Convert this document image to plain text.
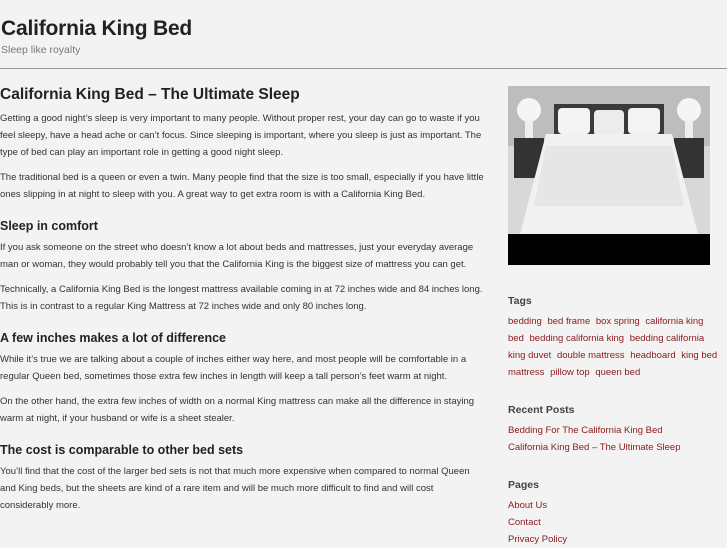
California King Bed
Sleep like royalty
California King Bed – The Ultimate Sleep

Getting a good night’s sleep is very important to many people. Without proper rest, your day can go to waste if you feel sleepy, have a head ache or can’t focus. Since sleeping is important, where you sleep is just as important. The type of bed can play an important role in getting a good night sleep.

The traditional bed is a queen or even a twin. Many people find that the size is too small, especially if you have little ones slipping in at night to sleep with you. A great way to get extra room is with a California King Bed.

Sleep in comfort

If you ask someone on the street who doesn’t know a lot about beds and mattresses, just your everyday average man or woman, they would probably tell you that the California King is the biggest size of mattress you can get.

Technically, a California King Bed is the longest mattress available coming in at 72 inches wide and 84 inches long. This is in contrast to a regular King Mattress at 72 inches wide and only 80 inches long.

A few inches makes a lot of difference

While it’s true we are talking about a couple of inches either way here, and most people will be comfortable in a regular Queen bed, sometimes those extra few inches in length will keep a tall person’s feet warm at night.

On the other hand, the extra few inches of width on a normal King mattress can make all the difference in staying warm at night, if your husband or wife is a sheet stealer.

The cost is comparable to other bed sets

You’ll find that the cost of the larger bed sets is not that much more expensive when compared to normal Queen and King beds, but the sheets are kind of a rare item and will be much more difficult to find and will cost considerably more.

Tags
bedding bed frame box spring california king bed bedding california king bedding california king duvet double mattress headboard king bed mattress pillow top queen bed
Recent Posts
Bedding For The California King Bed
California King Bed – The Ultimate Sleep
Pages
About Us
Contact
Privacy Policy
